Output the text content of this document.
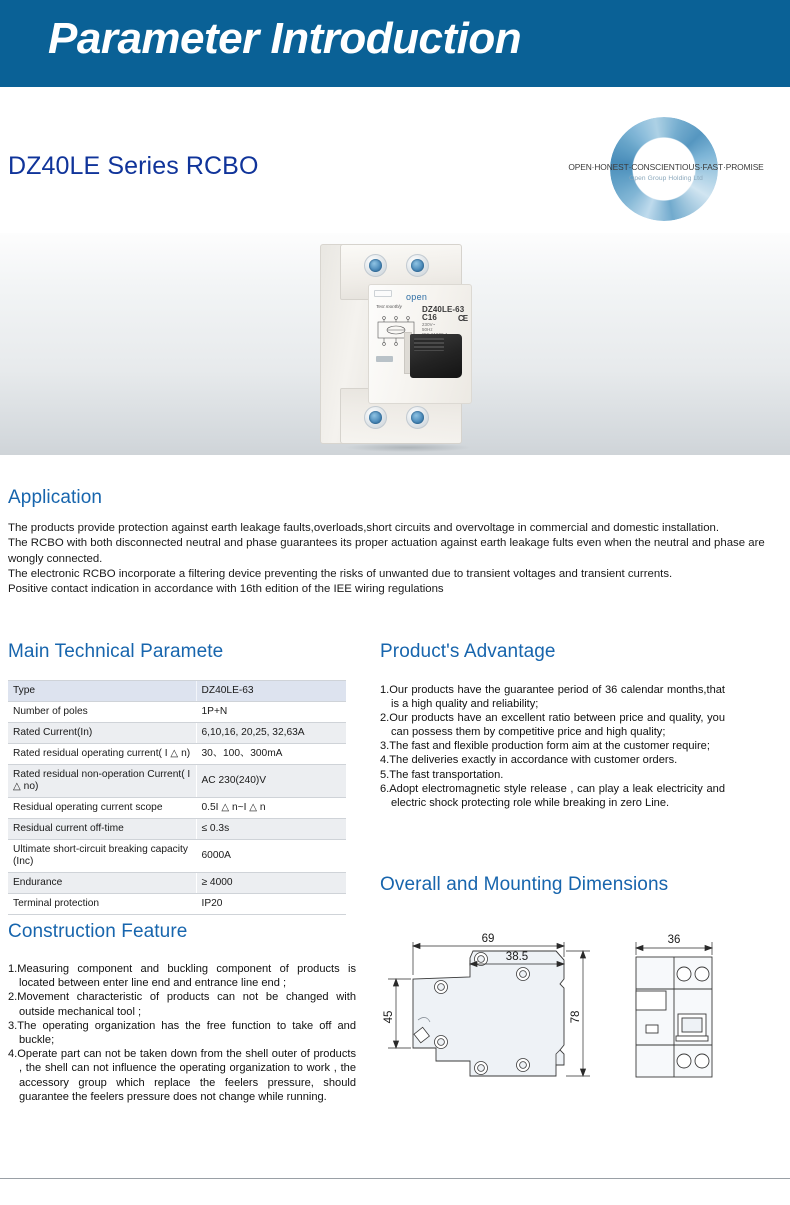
Parameter Introduction
DZ40LE Series RCBO	OPEN·HONEST·CONSCIENTIOUS·FAST·PROMISE
Open Group Holding Ltd
open
DZ40LE-63
C16
230V~
50Hz
CE
Test monthly
Application
The products provide protection against earth leakage faults,overloads,short circuits and overvoltage in commercial and domestic installation.
The RCBO with both disconnected neutral and phase guarantees its proper actuation against earth leakage fults even when the neutral and phase are wongly connected.
The electronic RCBO incorporate a filtering device preventing the risks of unwanted due to transient voltages and transient currents.
Positive contact indication in accordance with 16th edition of the IEE wiring regulations
Main Technical Paramete
Type	DZ40LE-63
Number of poles	1P+N
Rated Current(In)	6,10,16, 20,25, 32,63A
Rated residual operating current( I △ n)	30、100、300mA
Rated residual non-operation Current( I △ no)	AC 230(240)V
Residual operating current scope	0.5I △ n~I △ n
Residual current off-time	≤ 0.3s
Ultimate short-circuit breaking capacity (Inc)	6000A
Endurance	≥ 4000
Terminal protection	IP20
Product's Advantage
1.Our products have the guarantee period of 36 calendar months,that is a high quality and reliability;
2.Our products have an excellent ratio between price and quality, you can possess them by competitive price and high quality;
3.The fast and flexible production form aim at the customer require;
4.The deliveries exactly in accordance with customer orders.
5.The fast transportation.
6.Adopt electromagnetic style release , can play a leak electricity and electric shock protecting role while breaking in zero Line.
Construction Feature
1.Measuring component and buckling component of products is located between enter line end and entrance line end ;
2.Movement characteristic of products can not be changed with outside mechanical tool ;
3.The operating organization has the free function to take off and buckle;
4.Operate part can not be taken down from the shell outer of products , the shell can not influence the operating organization to work , the accessory group which replace the feelers pressure, should guarantee the feelers pressure does not change while running.
Overall and Mounting Dimensions
69
38.5
45	78
36
